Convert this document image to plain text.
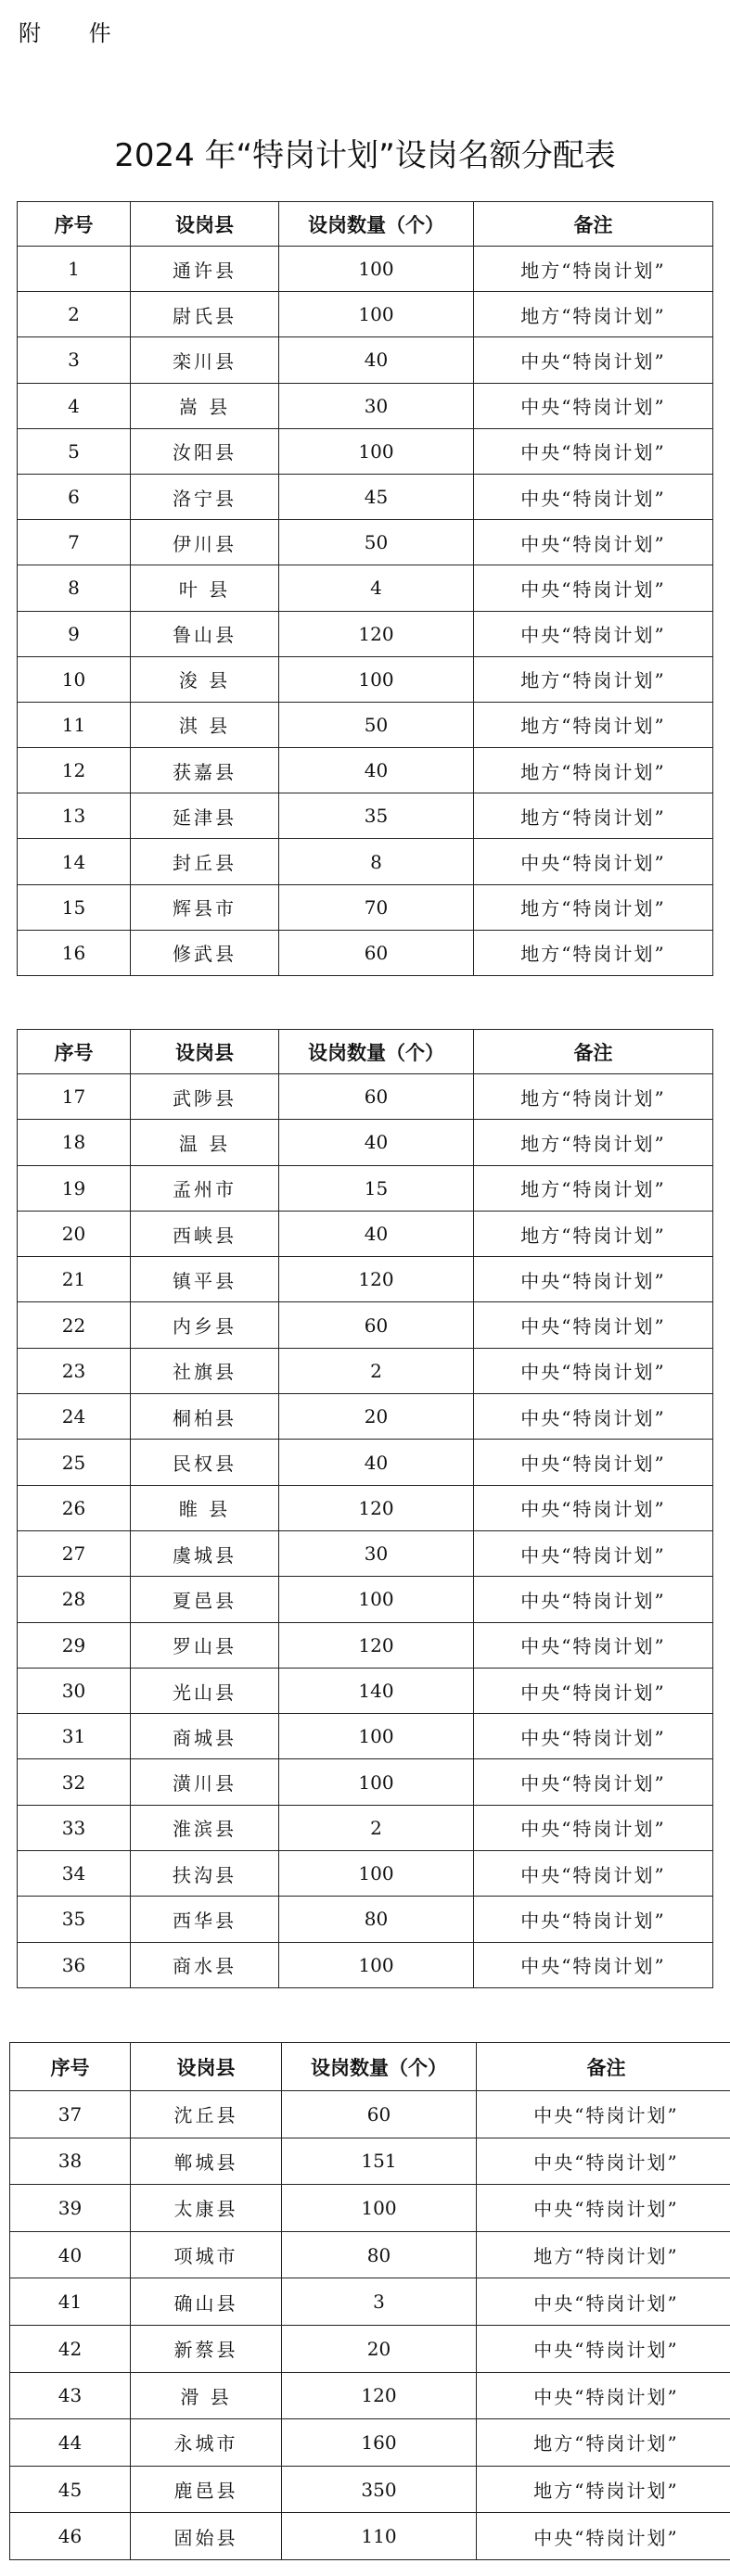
附 件
2024 年“特岗计划”设岗名额分配表
序号	设岗县	设岗数量（个）	备注
1	通许县	100	地方“特岗计划”
2	尉氏县	100	地方“特岗计划”
3	栾川县	40	中央“特岗计划”
4	嵩 县	30	中央“特岗计划”
5	汝阳县	100	中央“特岗计划”
6	洛宁县	45	中央“特岗计划”
7	伊川县	50	中央“特岗计划”
8	叶 县	4	中央“特岗计划”
9	鲁山县	120	中央“特岗计划”
10	浚 县	100	地方“特岗计划”
11	淇 县	50	地方“特岗计划”
12	获嘉县	40	地方“特岗计划”
13	延津县	35	地方“特岗计划”
14	封丘县	8	中央“特岗计划”
15	辉县市	70	地方“特岗计划”
16	修武县	60	地方“特岗计划”
序号	设岗县	设岗数量（个）	备注
17	武陟县	60	地方“特岗计划”
18	温 县	40	地方“特岗计划”
19	孟州市	15	地方“特岗计划”
20	西峡县	40	地方“特岗计划”
21	镇平县	120	中央“特岗计划”
22	内乡县	60	中央“特岗计划”
23	社旗县	2	中央“特岗计划”
24	桐柏县	20	中央“特岗计划”
25	民权县	40	中央“特岗计划”
26	睢 县	120	中央“特岗计划”
27	虞城县	30	中央“特岗计划”
28	夏邑县	100	中央“特岗计划”
29	罗山县	120	中央“特岗计划”
30	光山县	140	中央“特岗计划”
31	商城县	100	中央“特岗计划”
32	潢川县	100	中央“特岗计划”
33	淮滨县	2	中央“特岗计划”
34	扶沟县	100	中央“特岗计划”
35	西华县	80	中央“特岗计划”
36	商水县	100	中央“特岗计划”
序号	设岗县	设岗数量（个）	备注
37	沈丘县	60	中央“特岗计划”
38	郸城县	151	中央“特岗计划”
39	太康县	100	中央“特岗计划”
40	项城市	80	地方“特岗计划”
41	确山县	3	中央“特岗计划”
42	新蔡县	20	中央“特岗计划”
43	滑 县	120	中央“特岗计划”
44	永城市	160	地方“特岗计划”
45	鹿邑县	350	地方“特岗计划”
46	固始县	110	中央“特岗计划”
